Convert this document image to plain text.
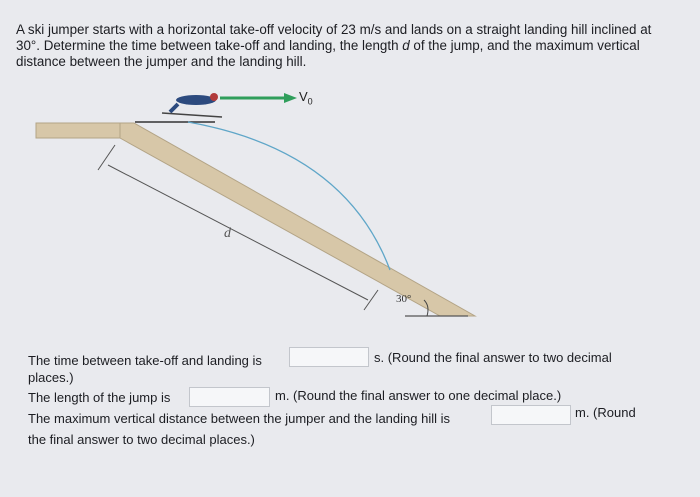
A ski jumper starts with a horizontal take-off velocity of 23 m/s and lands on a straight landing hill inclined at 30°. Determine the time between take-off and landing, the length d of the jump, and the maximum vertical distance between the jumper and the landing hill.
$V_0$
d
30°
The time between take-off and landing is	s. (Round the final answer to two decimal
places.)
The length of the jump is	m. (Round the final answer to one decimal place.)
The maximum vertical distance between the jumper and the landing hill is	m. (Round
the final answer to two decimal places.)
